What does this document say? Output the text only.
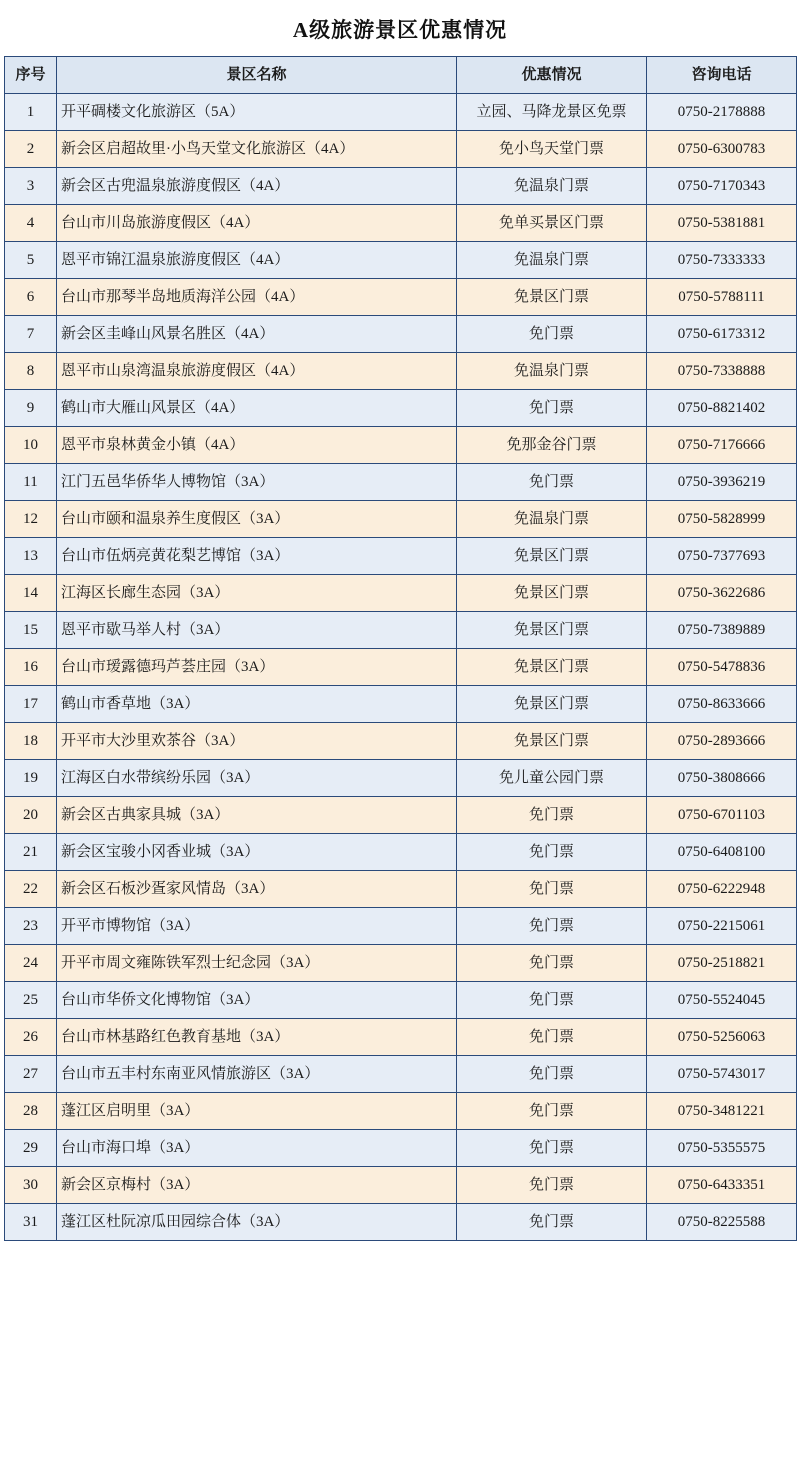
A级旅游景区优惠情况
序号	景区名称	优惠情况	咨询电话
1	开平碉楼文化旅游区（5A）	立园、马降龙景区免票	0750-2178888
2	新会区启超故里·小鸟天堂文化旅游区（4A）	免小鸟天堂门票	0750-6300783
3	新会区古兜温泉旅游度假区（4A）	免温泉门票	0750-7170343
4	台山市川岛旅游度假区（4A）	免单买景区门票	0750-5381881
5	恩平市锦江温泉旅游度假区（4A）	免温泉门票	0750-7333333
6	台山市那琴半岛地质海洋公园（4A）	免景区门票	0750-5788111
7	新会区圭峰山风景名胜区（4A）	免门票	0750-6173312
8	恩平市山泉湾温泉旅游度假区（4A）	免温泉门票	0750-7338888
9	鹤山市大雁山风景区（4A）	免门票	0750-8821402
10	恩平市泉林黄金小镇（4A）	免那金谷门票	0750-7176666
11	江门五邑华侨华人博物馆（3A）	免门票	0750-3936219
12	台山市颐和温泉养生度假区（3A）	免温泉门票	0750-5828999
13	台山市伍炳亮黄花梨艺博馆（3A）	免景区门票	0750-7377693
14	江海区长廊生态园（3A）	免景区门票	0750-3622686
15	恩平市歇马举人村（3A）	免景区门票	0750-7389889
16	台山市瑷露德玛芦荟庄园（3A）	免景区门票	0750-5478836
17	鹤山市香草地（3A）	免景区门票	0750-8633666
18	开平市大沙里欢茶谷（3A）	免景区门票	0750-2893666
19	江海区白水带缤纷乐园（3A）	免儿童公园门票	0750-3808666
20	新会区古典家具城（3A）	免门票	0750-6701103
21	新会区宝骏小冈香业城（3A）	免门票	0750-6408100
22	新会区石板沙疍家风情岛（3A）	免门票	0750-6222948
23	开平市博物馆（3A）	免门票	0750-2215061
24	开平市周文雍陈铁军烈士纪念园（3A）	免门票	0750-2518821
25	台山市华侨文化博物馆（3A）	免门票	0750-5524045
26	台山市林基路红色教育基地（3A）	免门票	0750-5256063
27	台山市五丰村东南亚风情旅游区（3A）	免门票	0750-5743017
28	蓬江区启明里（3A）	免门票	0750-3481221
29	台山市海口埠（3A）	免门票	0750-5355575
30	新会区京梅村（3A）	免门票	0750-6433351
31	蓬江区杜阮凉瓜田园综合体（3A）	免门票	0750-8225588
